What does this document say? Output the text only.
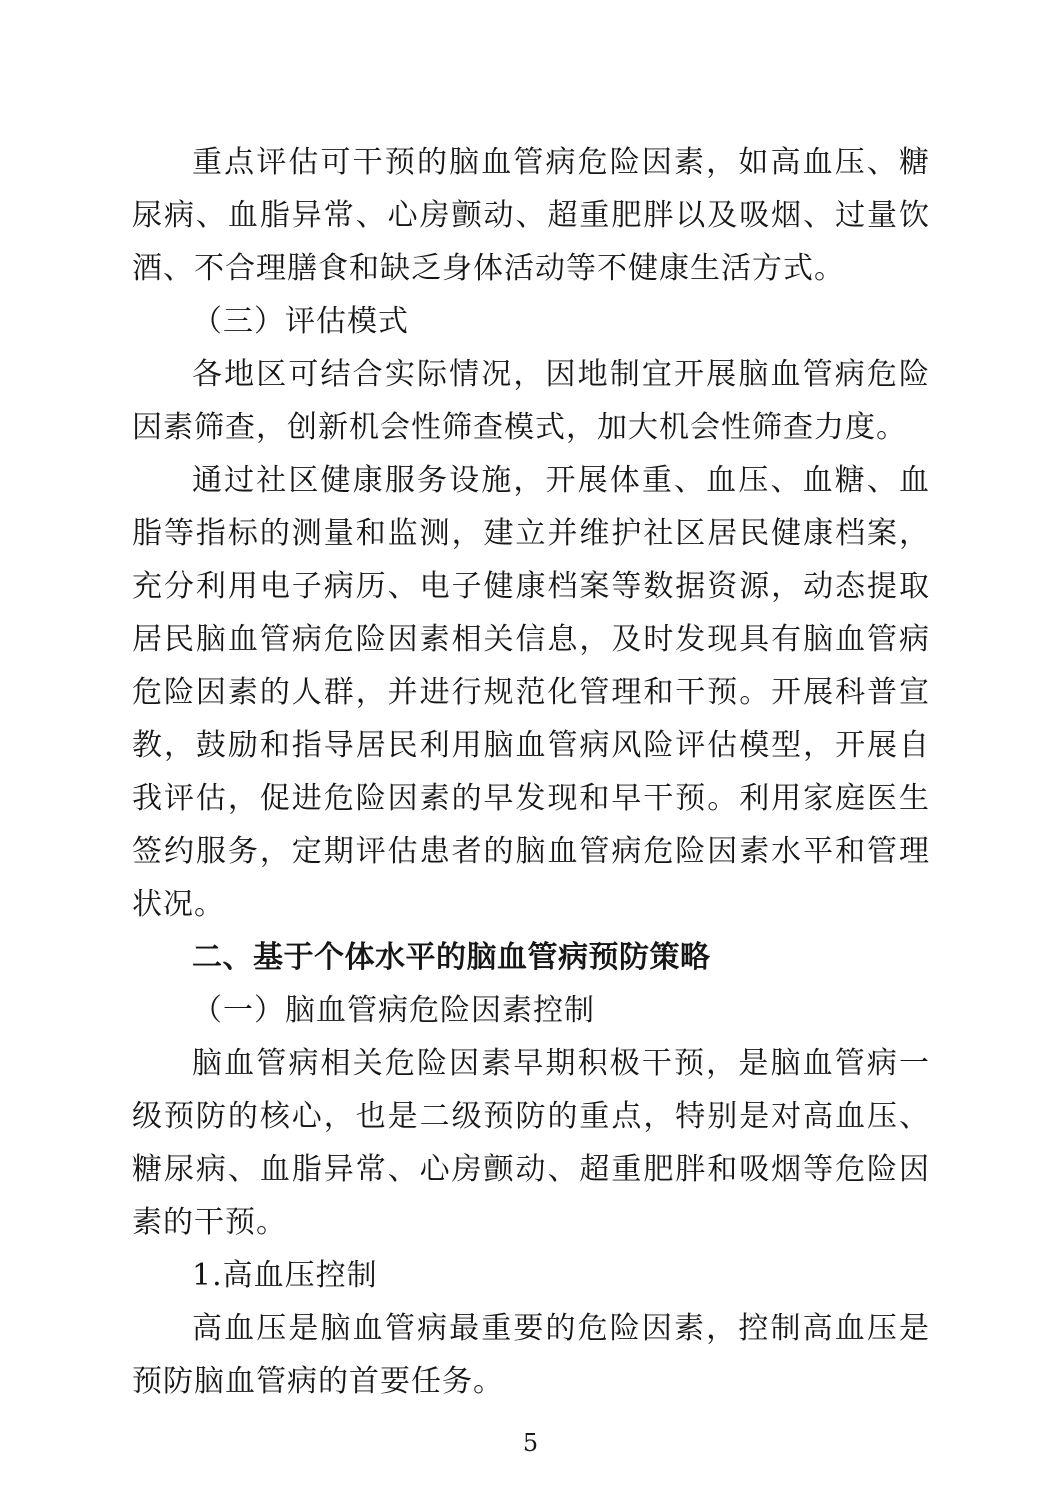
重点评估可干预的脑血管病危险因素，如高血压、糖尿病、血脂异常、心房颤动、超重肥胖以及吸烟、过量饮酒、不合理膳食和缺乏身体活动等不健康生活方式。

（三）评估模式

各地区可结合实际情况，因地制宜开展脑血管病危险因素筛查，创新机会性筛查模式，加大机会性筛查力度。

通过社区健康服务设施，开展体重、血压、血糖、血脂等指标的测量和监测，建立并维护社区居民健康档案，充分利用电子病历、电子健康档案等数据资源，动态提取居民脑血管病危险因素相关信息，及时发现具有脑血管病危险因素的人群，并进行规范化管理和干预。开展科普宣教，鼓励和指导居民利用脑血管病风险评估模型，开展自我评估，促进危险因素的早发现和早干预。利用家庭医生签约服务，定期评估患者的脑血管病危险因素水平和管理状况。

二、基于个体水平的脑血管病预防策略

（一）脑血管病危险因素控制

脑血管病相关危险因素早期积极干预，是脑血管病一级预防的核心，也是二级预防的重点，特别是对高血压、糖尿病、血脂异常、心房颤动、超重肥胖和吸烟等危险因素的干预。

1.高血压控制

高血压是脑血管病最重要的危险因素，控制高血压是预防脑血管病的首要任务。

5
